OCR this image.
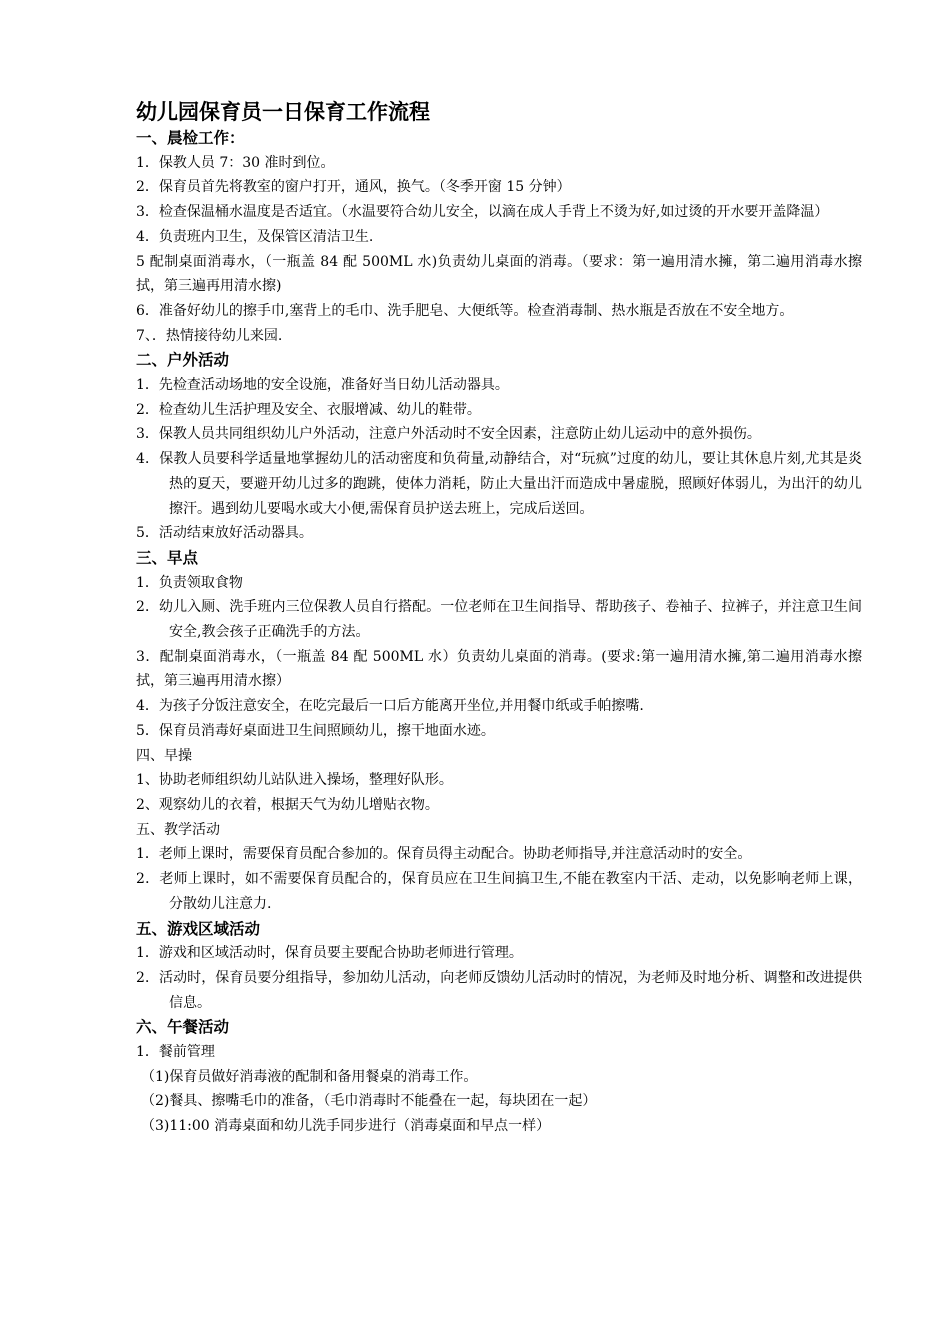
幼儿园保育员一日保育工作流程
一、晨检工作：
1．保教人员 7：30 准时到位。
2．保育员首先将教室的窗户打开，通风，换气。（冬季开窗 15 分钟）
3．检查保温桶水温度是否适宜。（水温要符合幼儿安全，以滴在成人手背上不烫为好,如过烫的开水要开盖降温）
4．负责班内卫生，及保管区清洁卫生.
5 配制桌面消毒水，（一瓶盖 84 配 500ML 水)负责幼儿桌面的消毒。（要求：第一遍用清水擁，第二遍用消毒水擦拭，第三遍再用清水擦)
6．准备好幼儿的擦手巾,塞背上的毛巾、洗手肥皂、大便纸等。检查消毒制、热水瓶是否放在不安全地方。
7、．热情接待幼儿来园.
二、户外活动
1．先检查活动场地的安全设施，准备好当日幼儿活动器具。
2．检查幼儿生活护理及安全、衣服增减、幼儿的鞋带。
3．保教人员共同组织幼儿户外活动，注意户外活动时不安全因素，注意防止幼儿运动中的意外损伤。
4．保教人员要科学适量地掌握幼儿的活动密度和负荷量,动静结合，对“玩疯”过度的幼儿，要让其休息片刻,尤其是炎热的夏天，要避开幼儿过多的跑跳，使体力消耗，防止大量出汗而造成中暑虚脱，照顾好体弱儿，为出汗的幼儿擦汗。遇到幼儿要喝水或大小便,需保育员护送去班上，完成后送回。
5．活动结束放好活动器具。
三、早点
1．负责领取食物
2．幼儿入厕、洗手班内三位保教人员自行搭配。一位老师在卫生间指导、帮助孩子、卷袖子、拉裤子，并注意卫生间安全,教会孩子正确洗手的方法。
3．配制桌面消毒水，（一瓶盖 84 配 500ML 水）负责幼儿桌面的消毒。(要求:第一遍用清水擁,第二遍用消毒水擦拭，第三遍再用清水擦）
4．为孩子分饭注意安全，在吃完最后一口后方能离开坐位,并用餐巾纸或手帕擦嘴.
5．保育员消毒好桌面进卫生间照顾幼儿，擦干地面水迹。
四、早操
1、协助老师组织幼儿站队进入操场，整理好队形。
2、观察幼儿的衣着，根据天气为幼儿增贴衣物。
五、教学活动
1．老师上课时，需要保育员配合参加的。保育员得主动配合。协助老师指导,并注意活动时的安全。
2．老师上课时，如不需要保育员配合的，保育员应在卫生间搞卫生,不能在教室内干活、走动，以免影响老师上课，分散幼儿注意力.
五、游戏区域活动
1．游戏和区域活动时，保育员要主要配合协助老师进行管理。
2．活动时，保育员要分组指导，参加幼儿活动，向老师反馈幼儿活动时的情况，为老师及时地分析、调整和改进提供信息。
六、午餐活动
1．餐前管理
（1)保育员做好消毒液的配制和备用餐桌的消毒工作。
（2)餐具、擦嘴毛巾的准备，（毛巾消毒时不能叠在一起，每块团在一起）
（3)11:00 消毒桌面和幼儿洗手同步进行（消毒桌面和早点一样）
